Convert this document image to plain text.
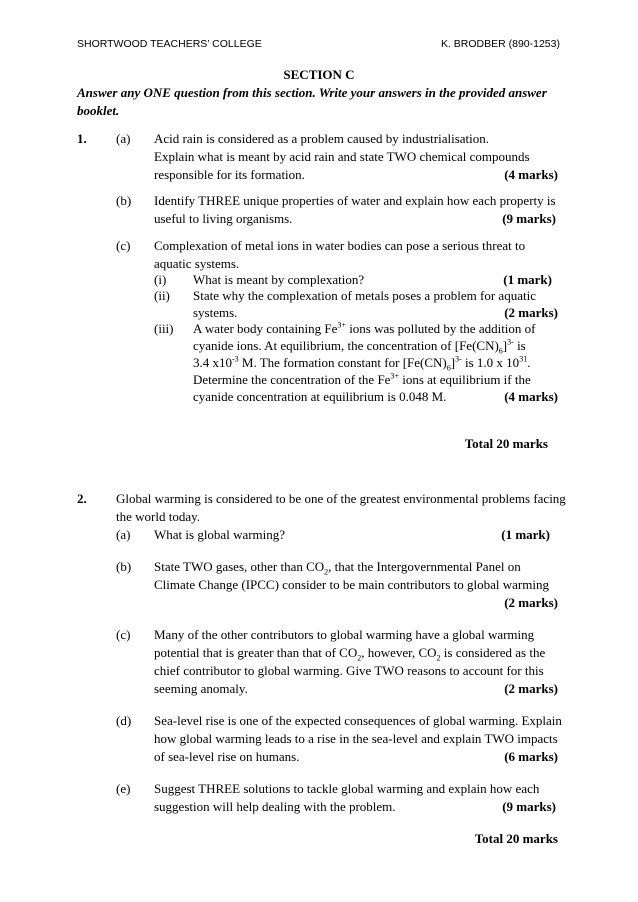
SHORTWOOD TEACHERS’ COLLEGE	K. BRODBER (890-1253)
SECTION C
Answer any ONE question from this section. Write your answers in the provided answer
booklet.
1. (a) Acid rain is considered as a problem caused by industrialisation.
Explain what is meant by acid rain and state TWO chemical compounds
responsible for its formation.	(4 marks)
(b) Identify THREE unique properties of water and explain how each property is
useful to living organisms.	(9 marks)
(c) Complexation of metal ions in water bodies can pose a serious threat to
aquatic systems.
(i) What is meant by complexation?	(1 mark)
(ii) State why the complexation of metals poses a problem for aquatic
systems.	(2 marks)
(iii) A water body containing $Fe^{3+}$ ions was polluted by the addition of
cyanide ions. At equilibrium, the concentration of $[Fe(CN)_6]^{3-}$ is
3.4 $x10^{-3}$ M. The formation constant for $[Fe(CN)_6]^{3-}$ is 1.0 x $10^{31}$.
Determine the concentration of the $Fe^{3+}$ ions at equilibrium if the
cyanide concentration at equilibrium is 0.048 M.	(4 marks)
Total 20 marks
2. Global warming is considered to be one of the greatest environmental problems facing
the world today.
(a) What is global warming?	(1 mark)
(b) State TWO gases, other than $CO_2$, that the Intergovernmental Panel on
Climate Change (IPCC) consider to be main contributors to global warming
(2 marks)
(c) Many of the other contributors to global warming have a global warming
potential that is greater than that of $CO_2$, however, $CO_2$ is considered as the
chief contributor to global warming. Give TWO reasons to account for this
seeming anomaly.	(2 marks)
(d) Sea-level rise is one of the expected consequences of global warming. Explain
how global warming leads to a rise in the sea-level and explain TWO impacts
of sea-level rise on humans.	(6 marks)
(e) Suggest THREE solutions to tackle global warming and explain how each
suggestion will help dealing with the problem.	(9 marks)
Total 20 marks
